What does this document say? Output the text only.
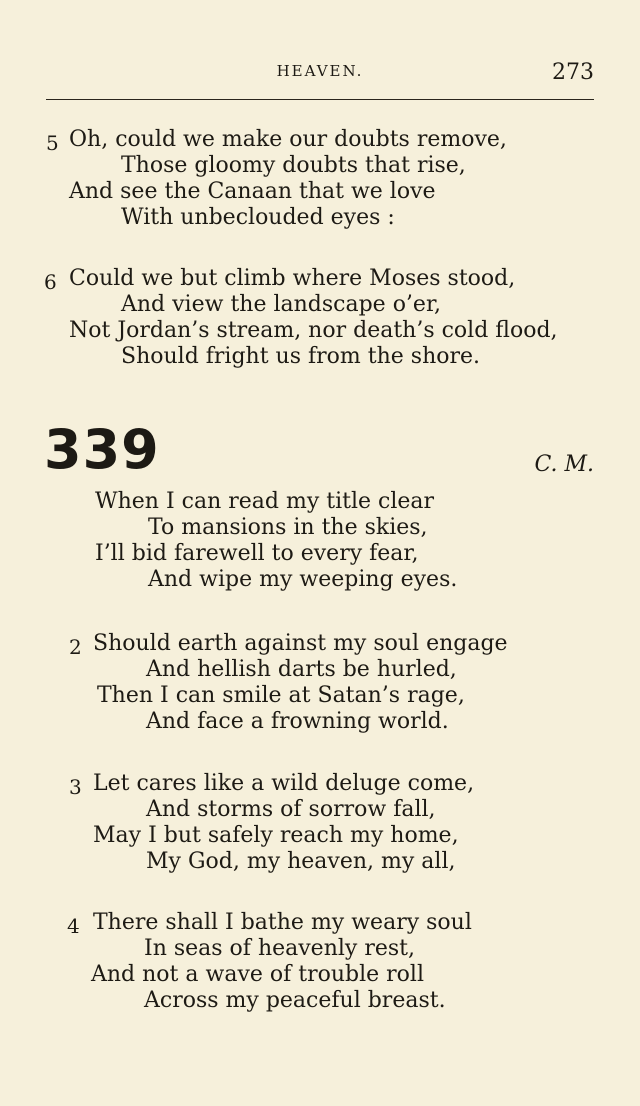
HEAVEN.	273
5 Oh, could we make our doubts remove,
Those gloomy doubts that rise,
And see the Canaan that we love
With unbeclouded eyes :
6 Could we but climb where Moses stood,
And view the landscape o’er,
Not Jordan’s stream, nor death’s cold flood,
Should fright us from the shore.
339	C. M.
When I can read my title clear
To mansions in the skies,
I’ll bid farewell to every fear,
And wipe my weeping eyes.
2 Should earth against my soul engage
And hellish darts be hurled,
Then I can smile at Satan’s rage,
And face a frowning world.
3 Let cares like a wild deluge come,
And storms of sorrow fall,
May I but safely reach my home,
My God, my heaven, my all,
4 There shall I bathe my weary soul
In seas of heavenly rest,
And not a wave of trouble roll
Across my peaceful breast.
